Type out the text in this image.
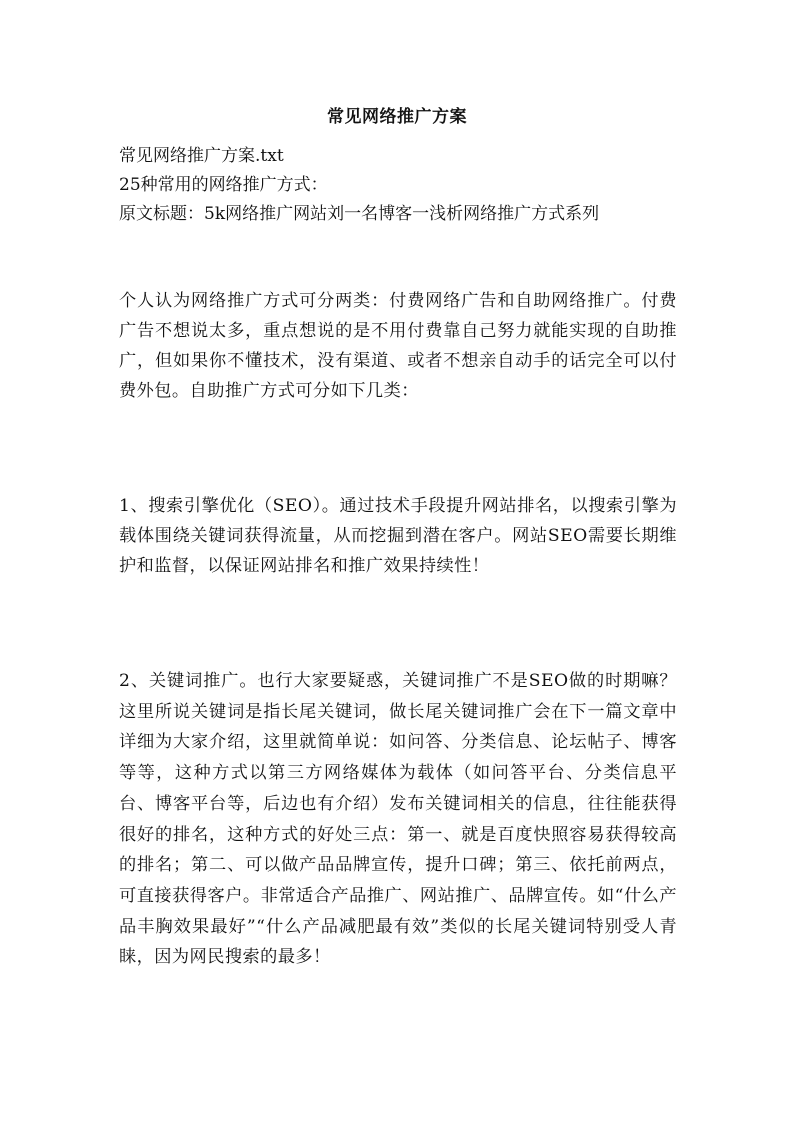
常见网络推广方案
常见网络推广方案.txt
25种常用的网络推广方式：
原文标题：5k网络推广网站刘一名博客一浅析网络推广方式系列
个人认为网络推广方式可分两类：付费网络广告和自助网络推广。付费广告不想说太多，重点想说的是不用付费靠自己努力就能实现的自助推广，但如果你不懂技术，没有渠道、或者不想亲自动手的话完全可以付费外包。自助推广方式可分如下几类：
1、搜索引擎优化（SEO）。通过技术手段提升网站排名，以搜索引擎为载体围绕关键词获得流量，从而挖掘到潜在客户。网站SEO需要长期维护和监督，以保证网站排名和推广效果持续性！
2、关键词推广。也行大家要疑惑，关键词推广不是SEO做的时期嘛？这里所说关键词是指长尾关键词，做长尾关键词推广会在下一篇文章中详细为大家介绍，这里就简单说：如问答、分类信息、论坛帖子、博客等等，这种方式以第三方网络媒体为载体（如问答平台、分类信息平台、博客平台等，后边也有介绍）发布关键词相关的信息，往往能获得很好的排名，这种方式的好处三点：第一、就是百度快照容易获得较高的排名；第二、可以做产品品牌宣传，提升口碑；第三、依托前两点，可直接获得客户。非常适合产品推广、网站推广、品牌宣传。如“什么产品丰胸效果最好”“什么产品减肥最有效”类似的长尾关键词特别受人青睐，因为网民搜索的最多！
